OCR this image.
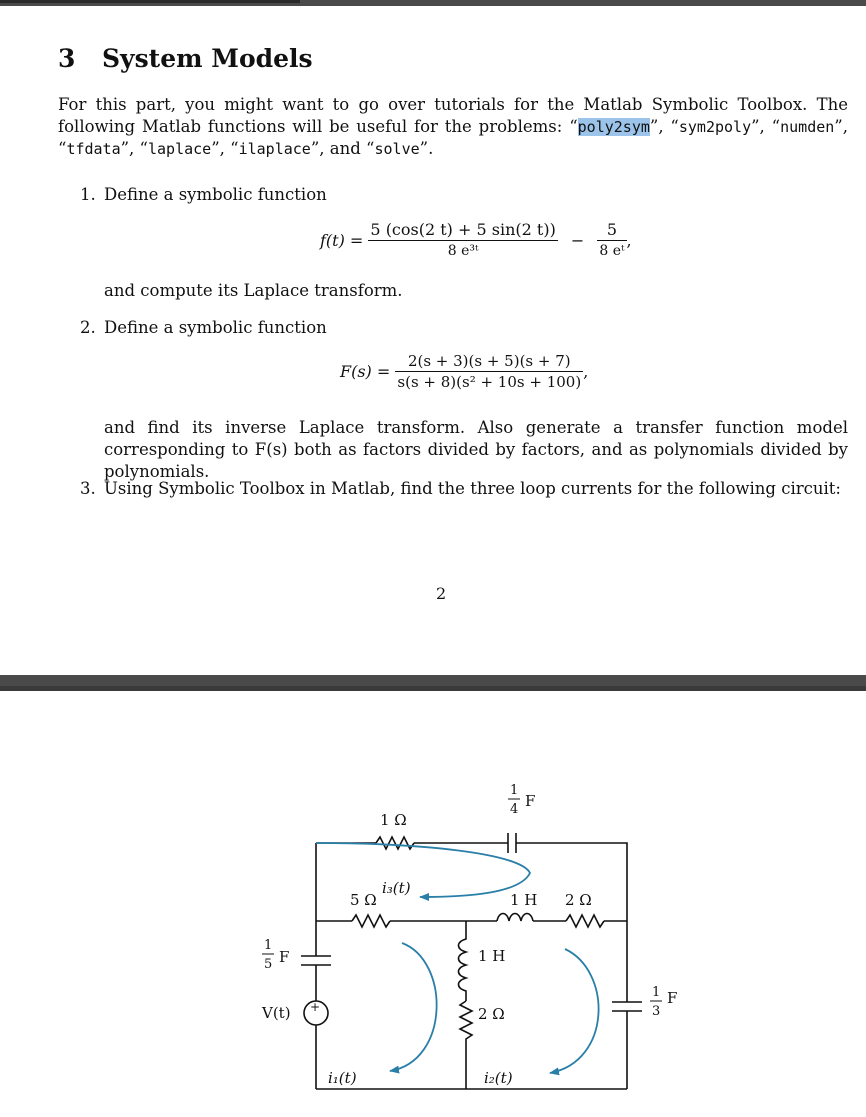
3 System Models
For this part, you might want to go over tutorials for the Matlab Symbolic Toolbox. The following Matlab functions will be useful for the problems: “poly2sym”, “sym2poly”, “numden”, “tfdata”, “laplace”, “ilaplace”, and “solve”.
1. Define a symbolic function
$f(t) = \frac{5 (\cos(2 t) + 5 \sin(2 t))}{\text{8 e³ᵗ}} - \frac{5}{\text{8 eᵗ}}$ ,
and compute its Laplace transform.
2. Define a symbolic function
$F(s) = \frac{2(s + 3)(s + 5)(s + 7)}{\text{s(s + 8)(s² + 10s + 100)}}$ ,
and find its inverse Laplace transform. Also generate a transfer function model corresponding to F(s) both as factors divided by factors, and as polynomials divided by polynomials.
3. Using Symbolic Toolbox in Matlab, find the three loop currents for the following circuit:
2
1 Ω
1
4 F
5 Ω
i₃(t)
1 H 2 Ω
1
5 F	1 H
2 Ω
1
3
F
V(t) +
i₁(t)	i₂(t)
